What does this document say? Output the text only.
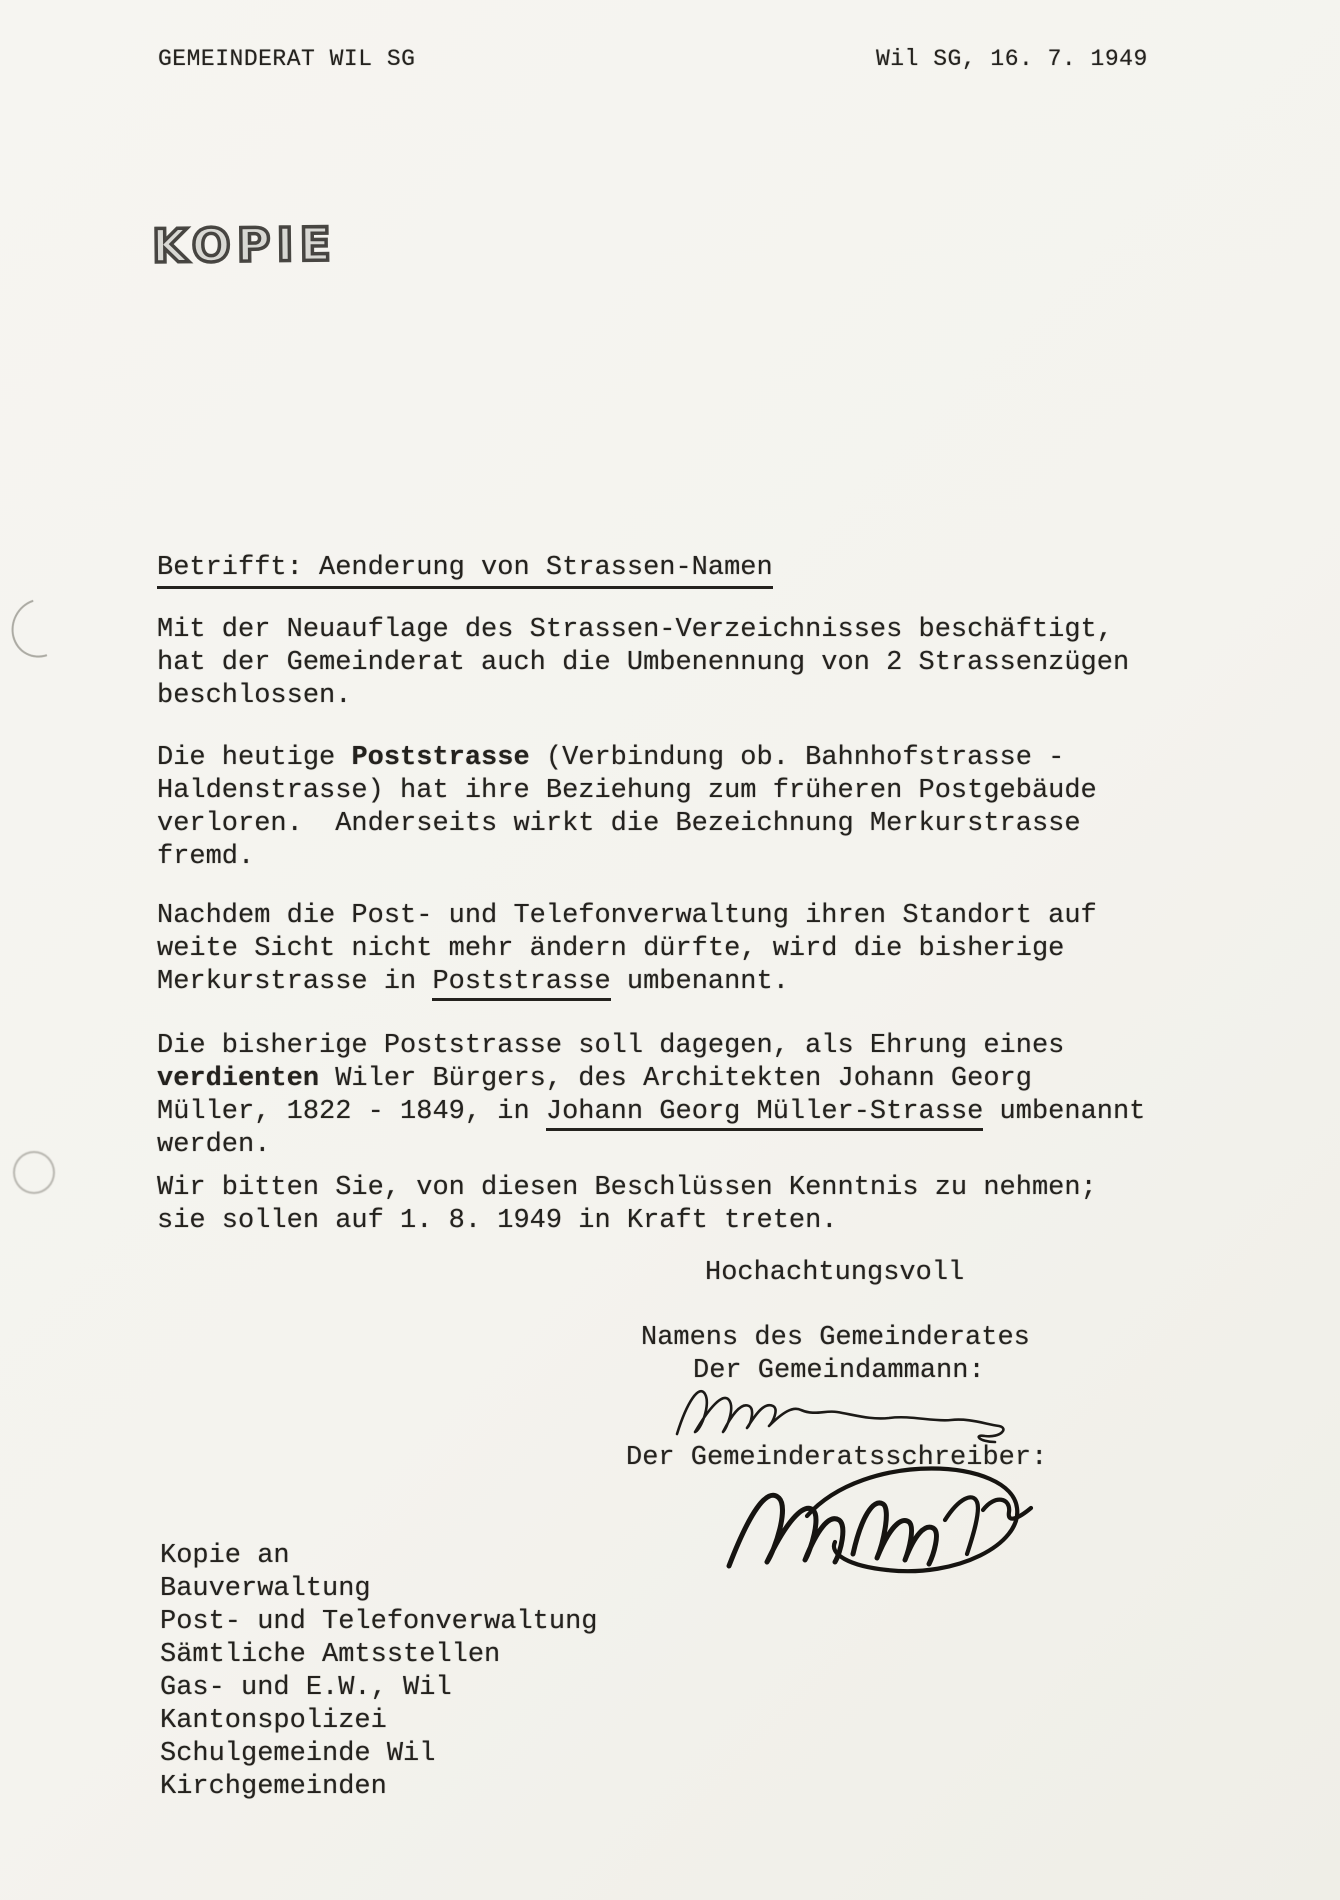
GEMEINDERAT WIL SG	Wil SG, 16. 7. 1949
KOPIE
Betrifft: Aenderung von Strassen-Namen
Mit der Neuauflage des Strassen-Verzeichnisses beschäftigt,
hat der Gemeinderat auch die Umbenennung von 2 Strassenzügen
beschlossen.
Die heutige Poststrasse (Verbindung ob. Bahnhofstrasse -
Haldenstrasse) hat ihre Beziehung zum früheren Postgebäude
verloren.  Anderseits wirkt die Bezeichnung Merkurstrasse
fremd.
Nachdem die Post- und Telefonverwaltung ihren Standort auf
weite Sicht nicht mehr ändern dürfte, wird die bisherige
Merkurstrasse in Poststrasse umbenannt.
Die bisherige Poststrasse soll dagegen, als Ehrung eines
verdienten Wiler Bürgers, des Architekten Johann Georg
Müller, 1822 - 1849, in Johann Georg Müller-Strasse umbenannt
werden.
Wir bitten Sie, von diesen Beschlüssen Kenntnis zu nehmen;
sie sollen auf 1. 8. 1949 in Kraft treten.
Hochachtungsvoll
Namens des Gemeinderates
Der Gemeindammann:
Der Gemeinderatsschreiber:
Kopie an
Bauverwaltung
Post- und Telefonverwaltung
Sämtliche Amtsstellen
Gas- und E.W., Wil
Kantonspolizei
Schulgemeinde Wil
Kirchgemeinden
